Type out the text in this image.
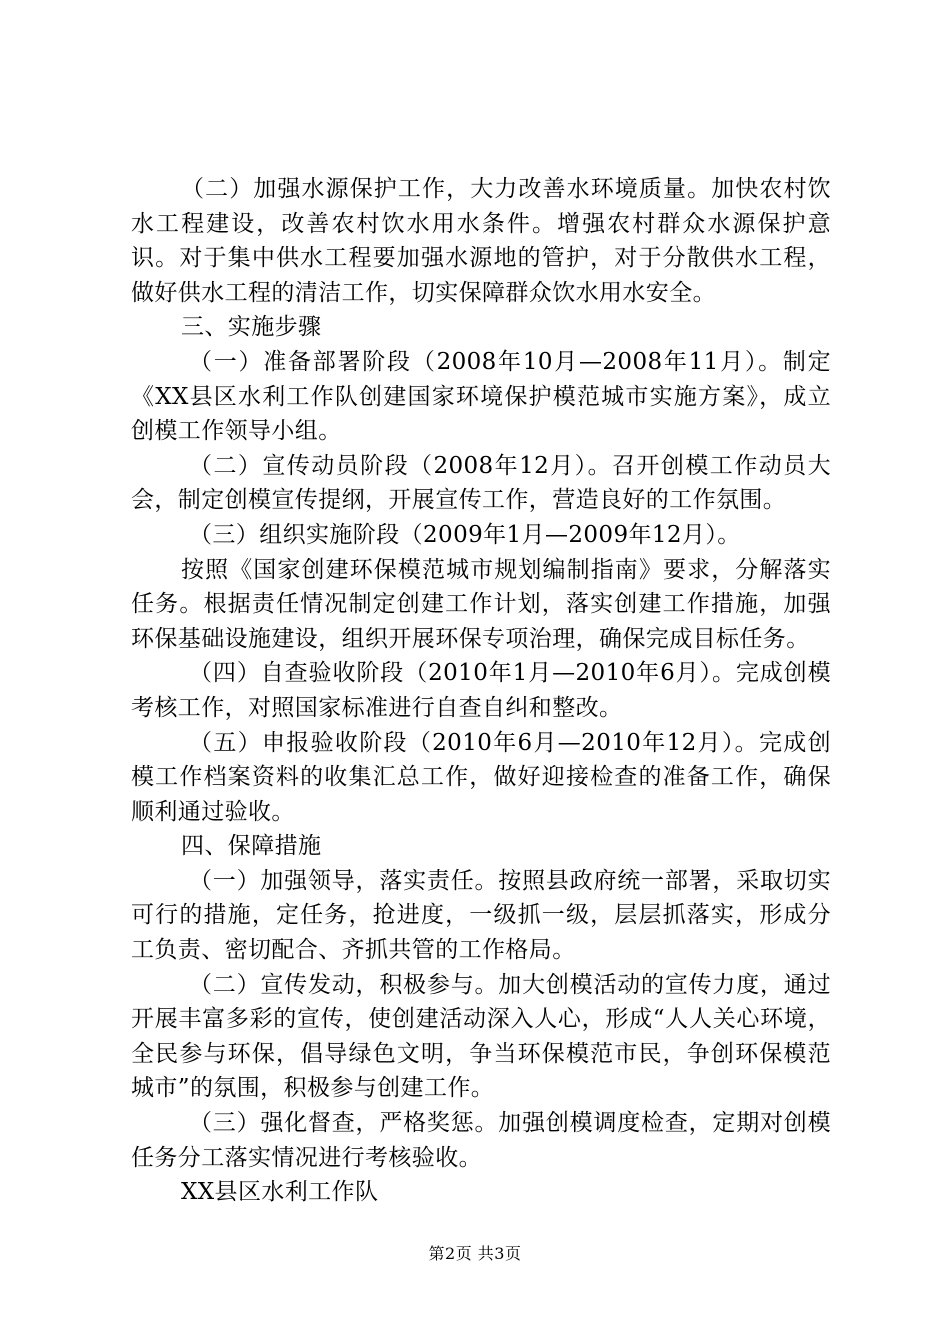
（二）加强水源保护工作，大力改善水环境质量。加快农村饮水工程建设，改善农村饮水用水条件。增强农村群众水源保护意识。对于集中供水工程要加强水源地的管护，对于分散供水工程，做好供水工程的清洁工作，切实保障群众饮水用水安全。

三、实施步骤

（一）准备部署阶段（2008年10月—2008年11月）。制定《XX县区水利工作队创建国家环境保护模范城市实施方案》，成立创模工作领导小组。

（二）宣传动员阶段（2008年12月）。召开创模工作动员大会，制定创模宣传提纲，开展宣传工作，营造良好的工作氛围。

（三）组织实施阶段（2009年1月—2009年12月）。

按照《国家创建环保模范城市规划编制指南》要求，分解落实任务。根据责任情况制定创建工作计划，落实创建工作措施，加强环保基础设施建设，组织开展环保专项治理，确保完成目标任务。

（四）自查验收阶段（2010年1月—2010年6月）。完成创模考核工作，对照国家标准进行自查自纠和整改。

（五）申报验收阶段（2010年6月—2010年12月）。完成创模工作档案资料的收集汇总工作，做好迎接检查的准备工作，确保顺利通过验收。

四、保障措施

（一）加强领导，落实责任。按照县政府统一部署，采取切实可行的措施，定任务，抢进度，一级抓一级，层层抓落实，形成分工负责、密切配合、齐抓共管的工作格局。

（二）宣传发动，积极参与。加大创模活动的宣传力度，通过开展丰富多彩的宣传，使创建活动深入人心，形成“人人关心环境，全民参与环保，倡导绿色文明，争当环保模范市民，争创环保模范城市”的氛围，积极参与创建工作。

（三）强化督查，严格奖惩。加强创模调度检查，定期对创模任务分工落实情况进行考核验收。

XX县区水利工作队

第2页 共3页
